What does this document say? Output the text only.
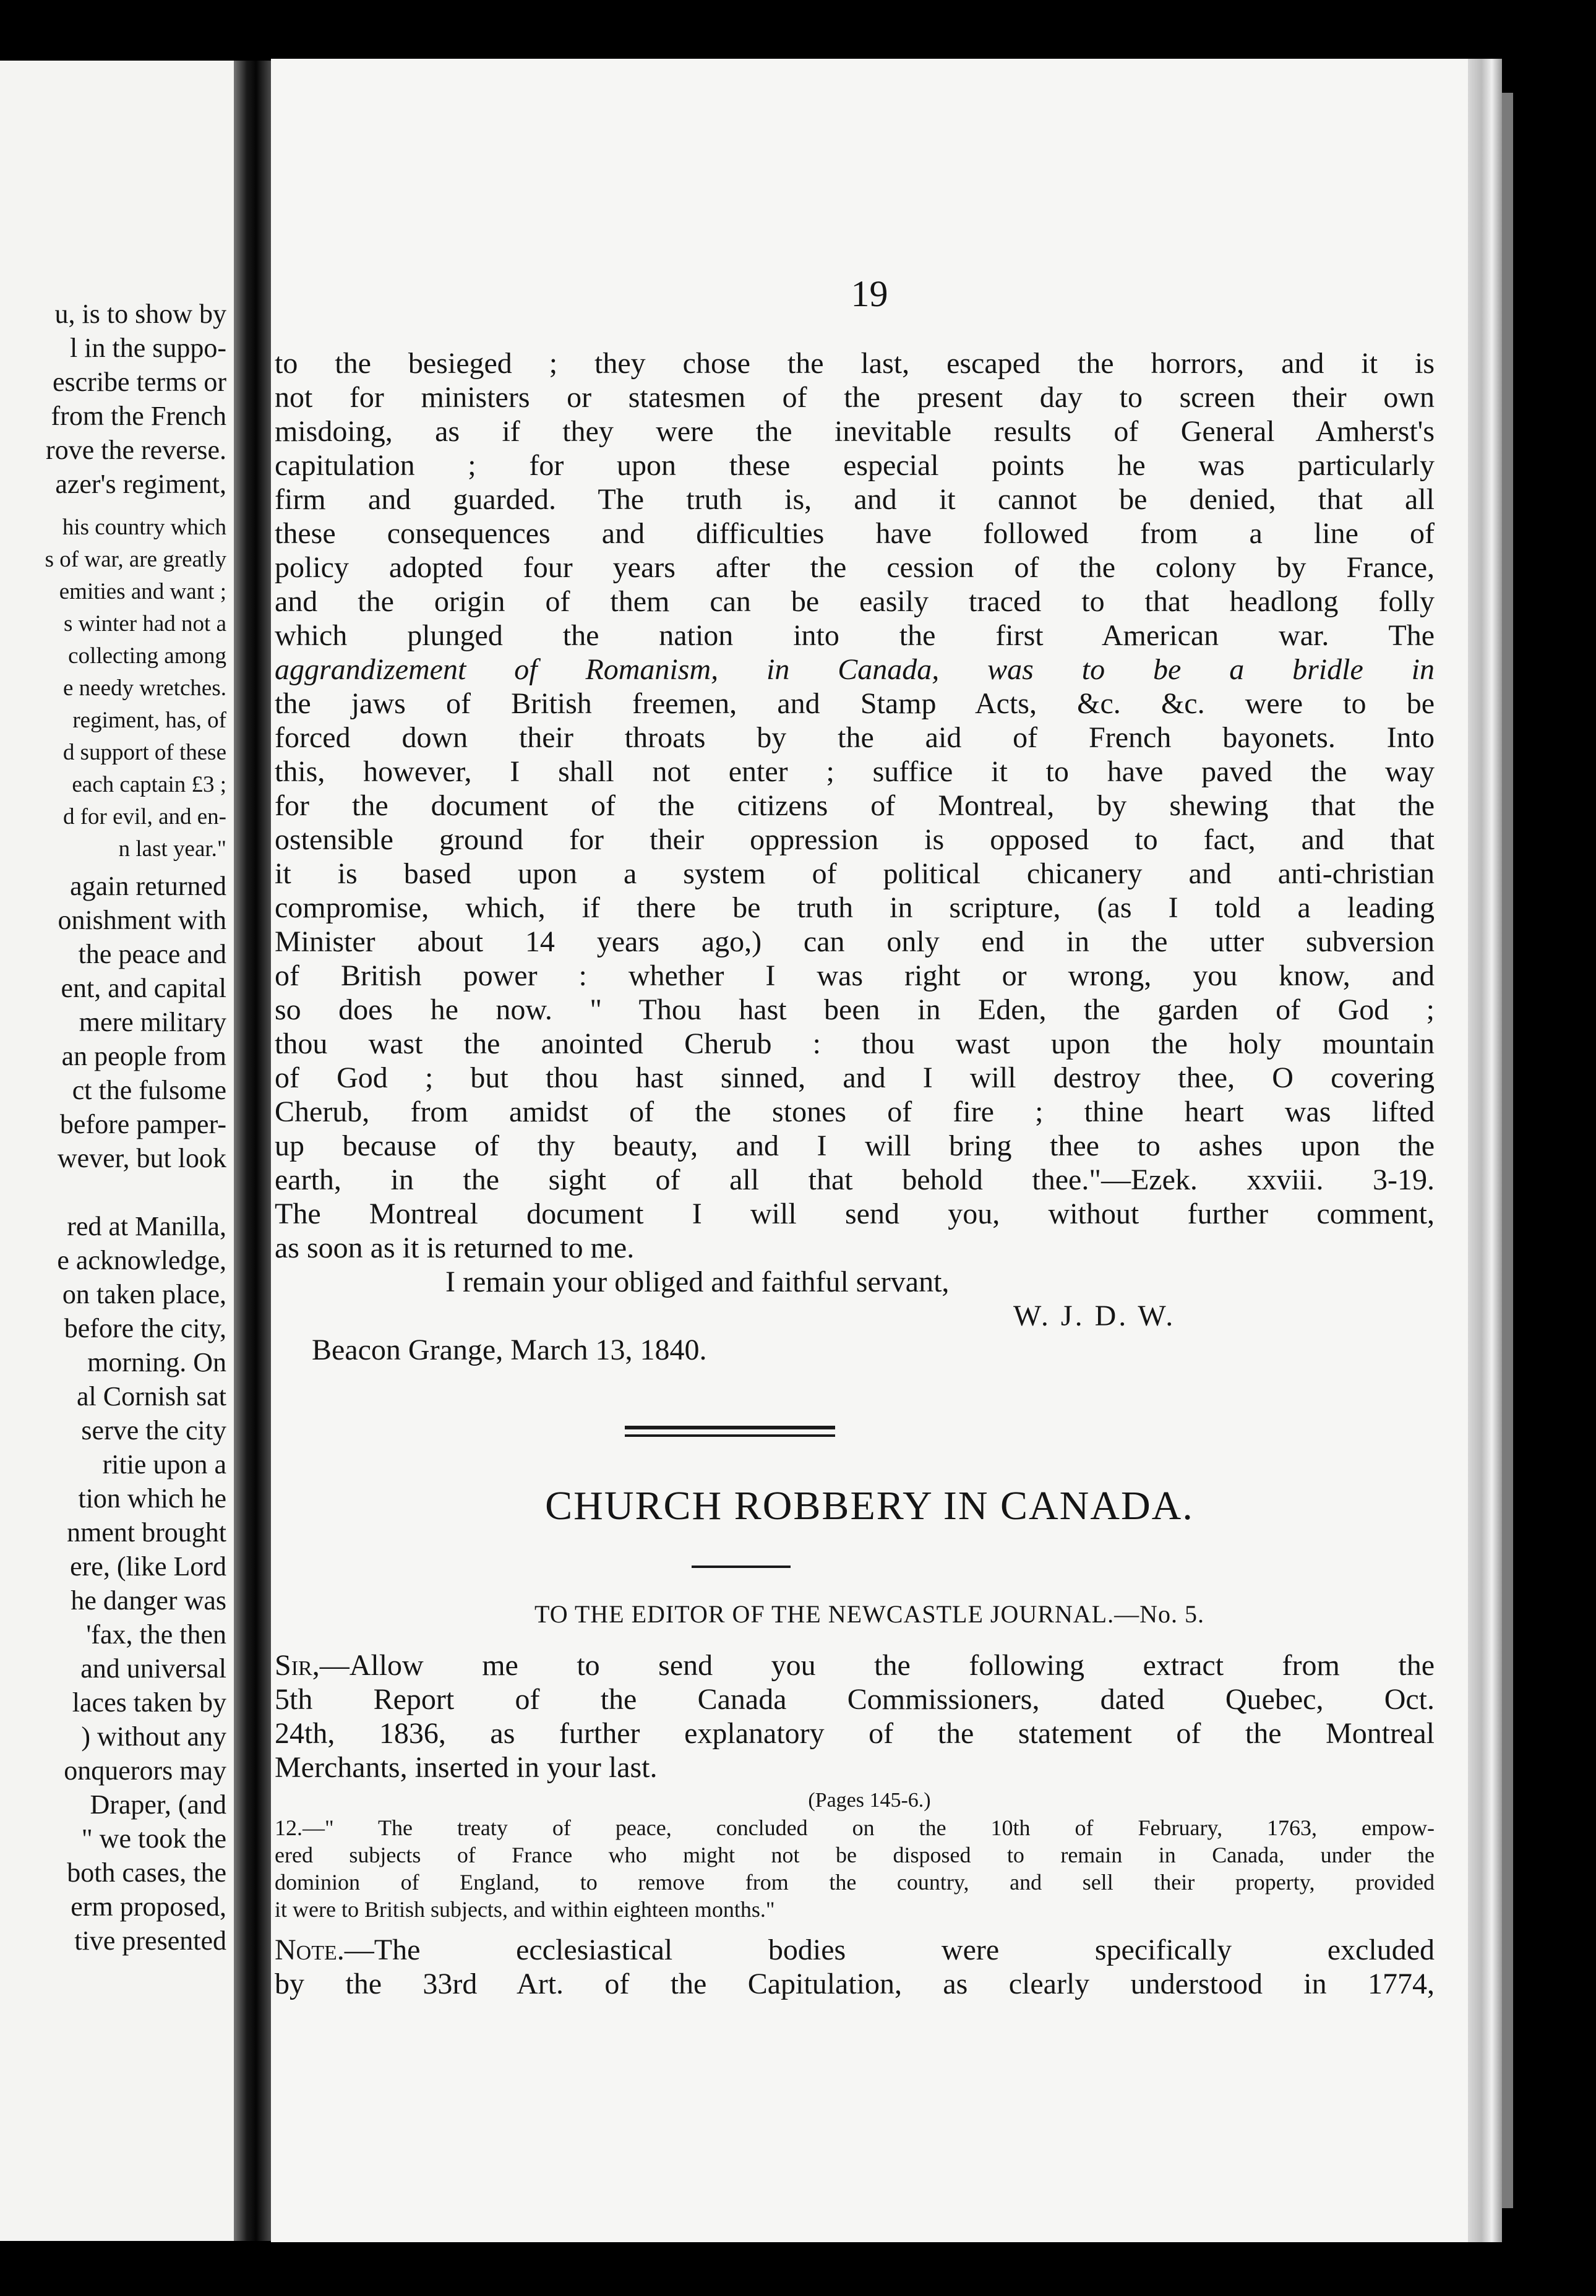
u, is to show by
l in the suppo-
escribe terms or
from the French
rove the reverse.
azer's regiment,
his country which
s of war, are greatly
emities and want ;
s winter had not a
collecting among
e needy wretches.
regiment, has, of
d support of these
each captain £3 ;
d for evil, and en-
n last year."
again returned
onishment with
the peace and
ent, and capital
mere military
an people from
ct the fulsome
before pamper-
wever, but look
red at Manilla,
e acknowledge,
on taken place,
before the city,
morning. On
al Cornish sat
serve the city
ritie upon a
tion which he
nment brought
ere, (like Lord
he danger was
'fax, the then
and universal
laces taken by
) without any
onquerors may
Draper, (and
" we took the
both cases, the
erm proposed,
tive presented
19
to the besieged ; they chose the last, escaped the horrors, and it is
not for ministers or statesmen of the present day to screen their own
misdoing, as if they were the inevitable results of General Amherst's
capitulation ; for upon these especial points he was particularly
firm and guarded. The truth is, and it cannot be denied, that all
these consequences and difficulties have followed from a line of
policy adopted four years after the cession of the colony by France,
and the origin of them can be easily traced to that headlong folly
which plunged the nation into the first American war. The
aggrandizement of Romanism, in Canada, was to be a bridle in
the jaws of British freemen, and Stamp Acts, &c. &c. were to be
forced down their throats by the aid of French bayonets. Into
this, however, I shall not enter ; suffice it to have paved the way
for the document of the citizens of Montreal, by shewing that the
ostensible ground for their oppression is opposed to fact, and that
it is based upon a system of political chicanery and anti-christian
compromise, which, if there be truth in scripture, (as I told a leading
Minister about 14 years ago,) can only end in the utter subversion
of British power : whether I was right or wrong, you know, and
so does he now. " Thou hast been in Eden, the garden of God ;
thou wast the anointed Cherub : thou wast upon the holy mountain
of God ; but thou hast sinned, and I will destroy thee, O covering
Cherub, from amidst of the stones of fire ; thine heart was lifted
up because of thy beauty, and I will bring thee to ashes upon the
earth, in the sight of all that behold thee."—Ezek. xxviii. 3-19.
The Montreal document I will send you, without further comment,
as soon as it is returned to me.
I remain your obliged and faithful servant,
W. J. D. W.
Beacon Grange, March 13, 1840.
CHURCH ROBBERY IN CANADA.
TO THE EDITOR OF THE NEWCASTLE JOURNAL.—No. 5.
Sir,—Allow me to send you the following extract from the
5th Report of the Canada Commissioners, dated Quebec, Oct.
24th, 1836, as further explanatory of the statement of the Montreal
Merchants, inserted in your last.
(Pages 145-6.)
12.—" The treaty of peace, concluded on the 10th of February, 1763, empow-
ered subjects of France who might not be disposed to remain in Canada, under the
dominion of England, to remove from the country, and sell their property, provided
it were to British subjects, and within eighteen months."
Note.—The ecclesiastical bodies were specifically excluded
by the 33rd Art. of the Capitulation, as clearly understood in 1774,
